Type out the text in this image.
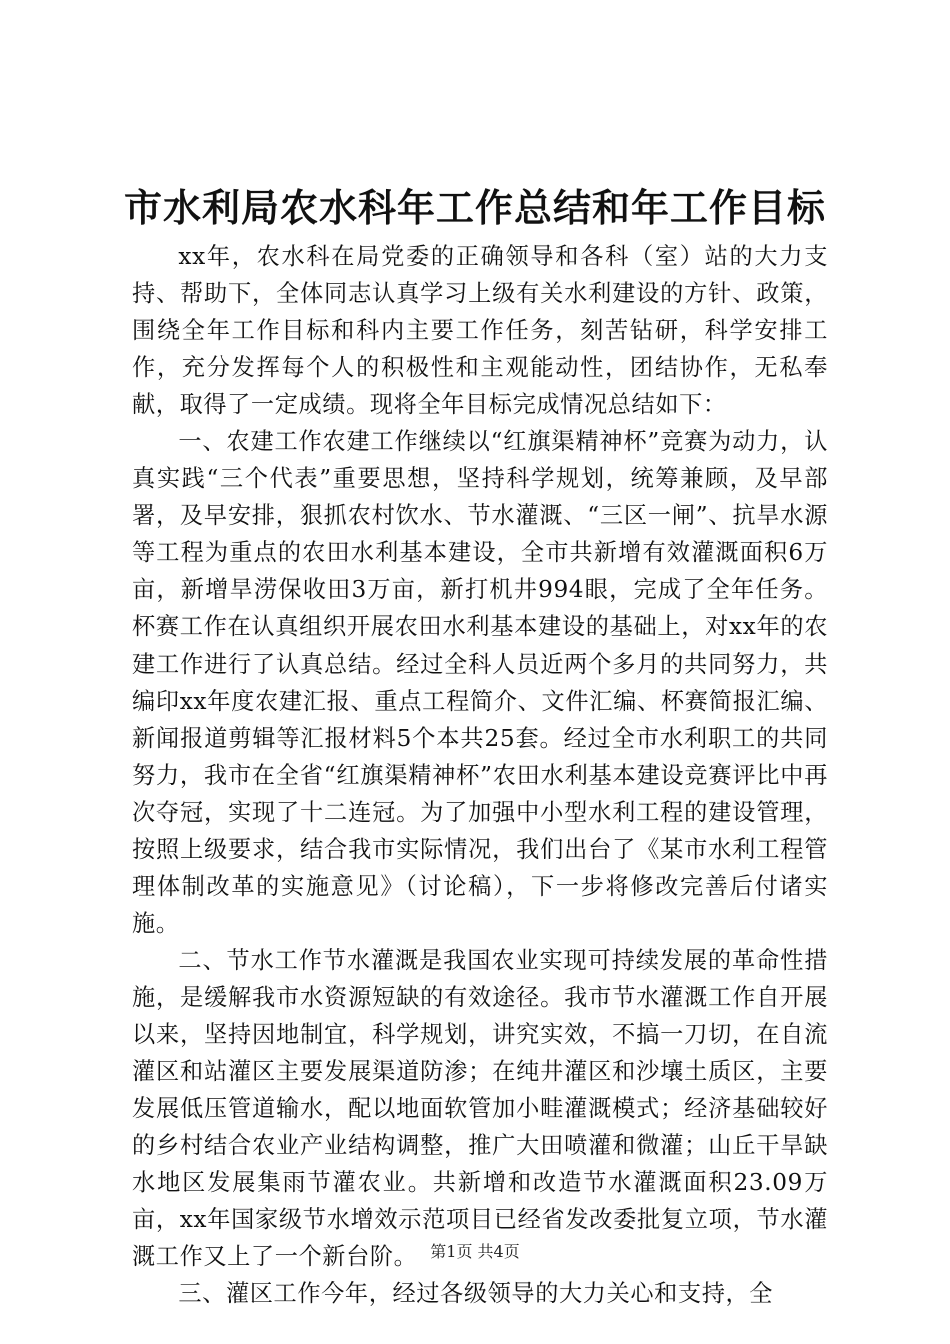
市水利局农水科年工作总结和年工作目标

xx年，农水科在局党委的正确领导和各科（室）站的大力支持、帮助下，全体同志认真学习上级有关水利建设的方针、政策，围绕全年工作目标和科内主要工作任务，刻苦钻研，科学安排工作，充分发挥每个人的积极性和主观能动性，团结协作，无私奉献，取得了一定成绩。现将全年目标完成情况总结如下：

一、农建工作农建工作继续以“红旗渠精神杯”竞赛为动力，认真实践“三个代表”重要思想，坚持科学规划，统筹兼顾，及早部署，及早安排，狠抓农村饮水、节水灌溉、“三区一闸”、抗旱水源等工程为重点的农田水利基本建设，全市共新增有效灌溉面积6万亩，新增旱涝保收田3万亩，新打机井994眼，完成了全年任务。杯赛工作在认真组织开展农田水利基本建设的基础上，对xx年的农建工作进行了认真总结。经过全科人员近两个多月的共同努力，共编印xx年度农建汇报、重点工程简介、文件汇编、杯赛简报汇编、新闻报道剪辑等汇报材料5个本共25套。经过全市水利职工的共同努力，我市在全省“红旗渠精神杯”农田水利基本建设竞赛评比中再次夺冠，实现了十二连冠。为了加强中小型水利工程的建设管理，按照上级要求，结合我市实际情况，我们出台了《某市水利工程管理体制改革的实施意见》（讨论稿），下一步将修改完善后付诸实施。

二、节水工作节水灌溉是我国农业实现可持续发展的革命性措施，是缓解我市水资源短缺的有效途径。我市节水灌溉工作自开展以来，坚持因地制宜，科学规划，讲究实效，不搞一刀切，在自流灌区和站灌区主要发展渠道防渗；在纯井灌区和沙壤土质区，主要发展低压管道输水，配以地面软管加小畦灌溉模式；经济基础较好的乡村结合农业产业结构调整，推广大田喷灌和微灌；山丘干旱缺水地区发展集雨节灌农业。共新增和改造节水灌溉面积23.09万亩，xx年国家级节水增效示范项目已经省发改委批复立项，节水灌溉工作又上了一个新台阶。

三、灌区工作今年，经过各级领导的大力关心和支持，全

第1页 共4页
